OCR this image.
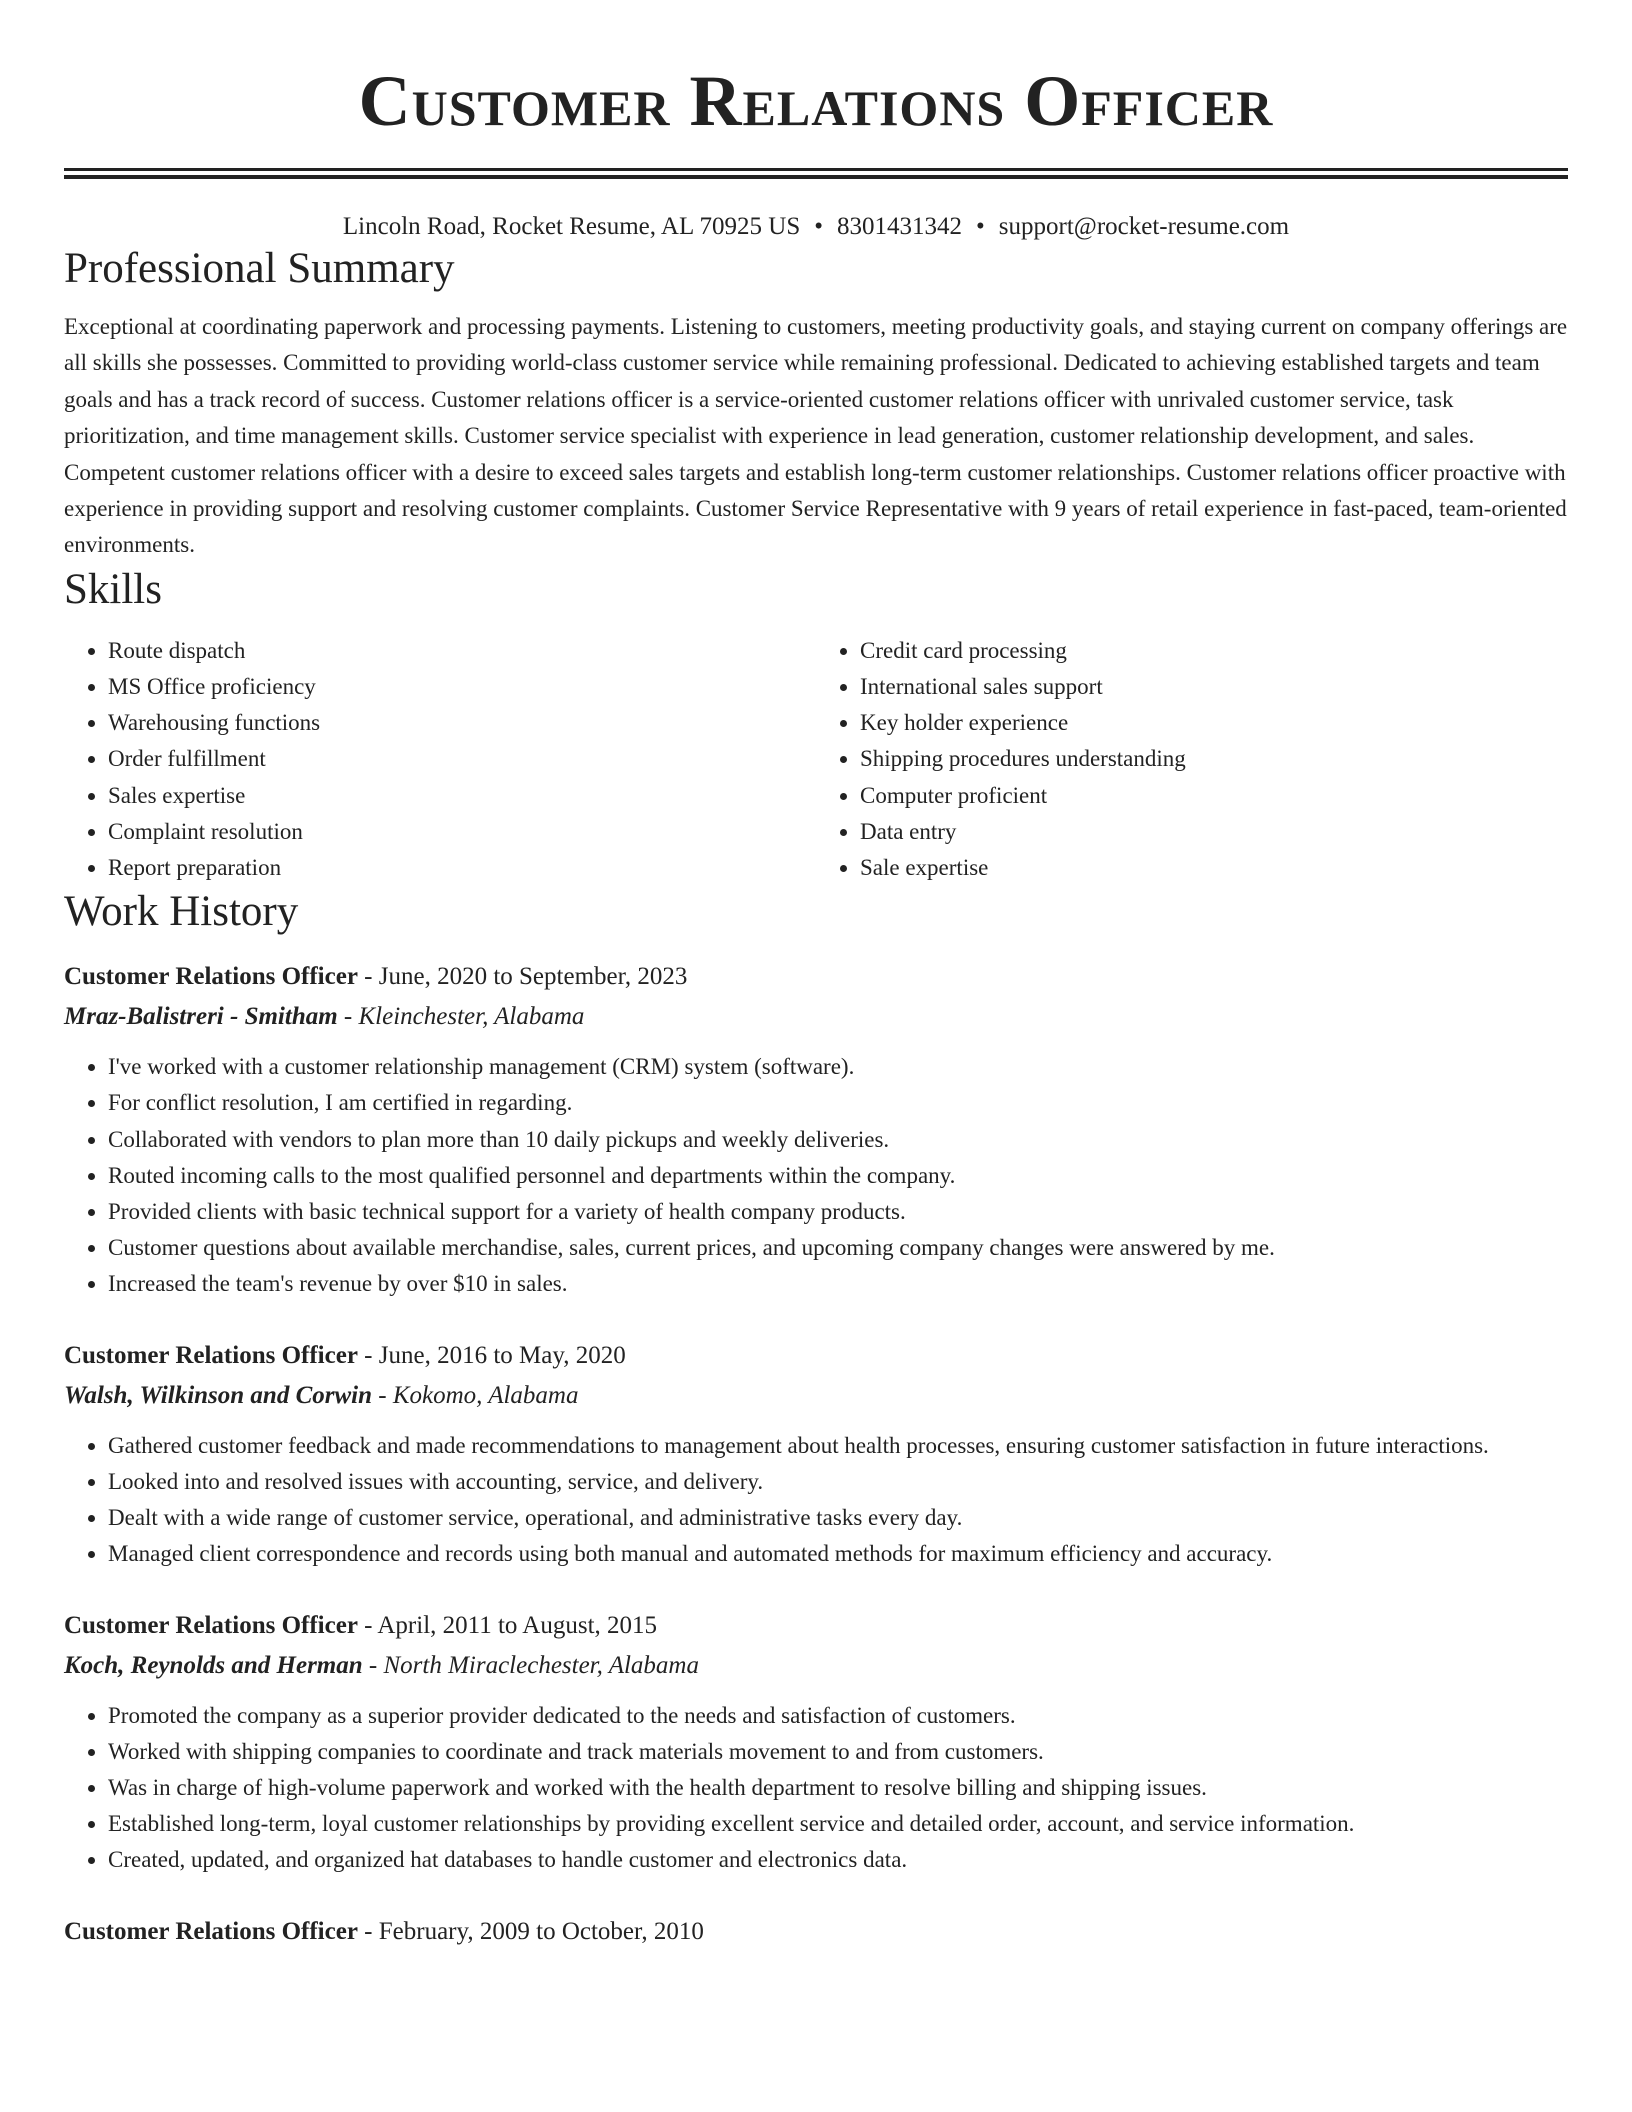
Customer Relations Officer
Lincoln Road, Rocket Resume, AL 70925 US • 8301431342 • support@rocket-resume.com
Professional Summary

Exceptional at coordinating paperwork and processing payments. Listening to customers, meeting productivity goals, and staying current on company offerings are all skills she possesses. Committed to providing world-class customer service while remaining professional. Dedicated to achieving established targets and team goals and has a track record of success. Customer relations officer is a service-oriented customer relations officer with unrivaled customer service, task prioritization, and time management skills. Customer service specialist with experience in lead generation, customer relationship development, and sales. Competent customer relations officer with a desire to exceed sales targets and establish long-term customer relationships. Customer relations officer proactive with experience in providing support and resolving customer complaints. Customer Service Representative with 9 years of retail experience in fast-paced, team-oriented environments.

Skills
• Route dispatch
• MS Office proficiency
• Warehousing functions
• Order fulfillment
• Sales expertise
• Complaint resolution
• Report preparation
• Credit card processing
• International sales support
• Key holder experience
• Shipping procedures understanding
• Computer proficient
• Data entry
• Sale expertise
Work History
Customer Relations Officer - June, 2020 to September, 2023
Mraz-Balistreri - Smitham - Kleinchester, Alabama
• I've worked with a customer relationship management (CRM) system (software).
• For conflict resolution, I am certified in regarding.
• Collaborated with vendors to plan more than 10 daily pickups and weekly deliveries.
• Routed incoming calls to the most qualified personnel and departments within the company.
• Provided clients with basic technical support for a variety of health company products.
• Customer questions about available merchandise, sales, current prices, and upcoming company changes were answered by me.
• Increased the team's revenue by over $10 in sales.
Customer Relations Officer - June, 2016 to May, 2020
Walsh, Wilkinson and Corwin - Kokomo, Alabama
• Gathered customer feedback and made recommendations to management about health processes, ensuring customer satisfaction in future interactions.
• Looked into and resolved issues with accounting, service, and delivery.
• Dealt with a wide range of customer service, operational, and administrative tasks every day.
• Managed client correspondence and records using both manual and automated methods for maximum efficiency and accuracy.
Customer Relations Officer - April, 2011 to August, 2015
Koch, Reynolds and Herman - North Miraclechester, Alabama
• Promoted the company as a superior provider dedicated to the needs and satisfaction of customers.
• Worked with shipping companies to coordinate and track materials movement to and from customers.
• Was in charge of high-volume paperwork and worked with the health department to resolve billing and shipping issues.
• Established long-term, loyal customer relationships by providing excellent service and detailed order, account, and service information.
• Created, updated, and organized hat databases to handle customer and electronics data.
Customer Relations Officer - February, 2009 to October, 2010
